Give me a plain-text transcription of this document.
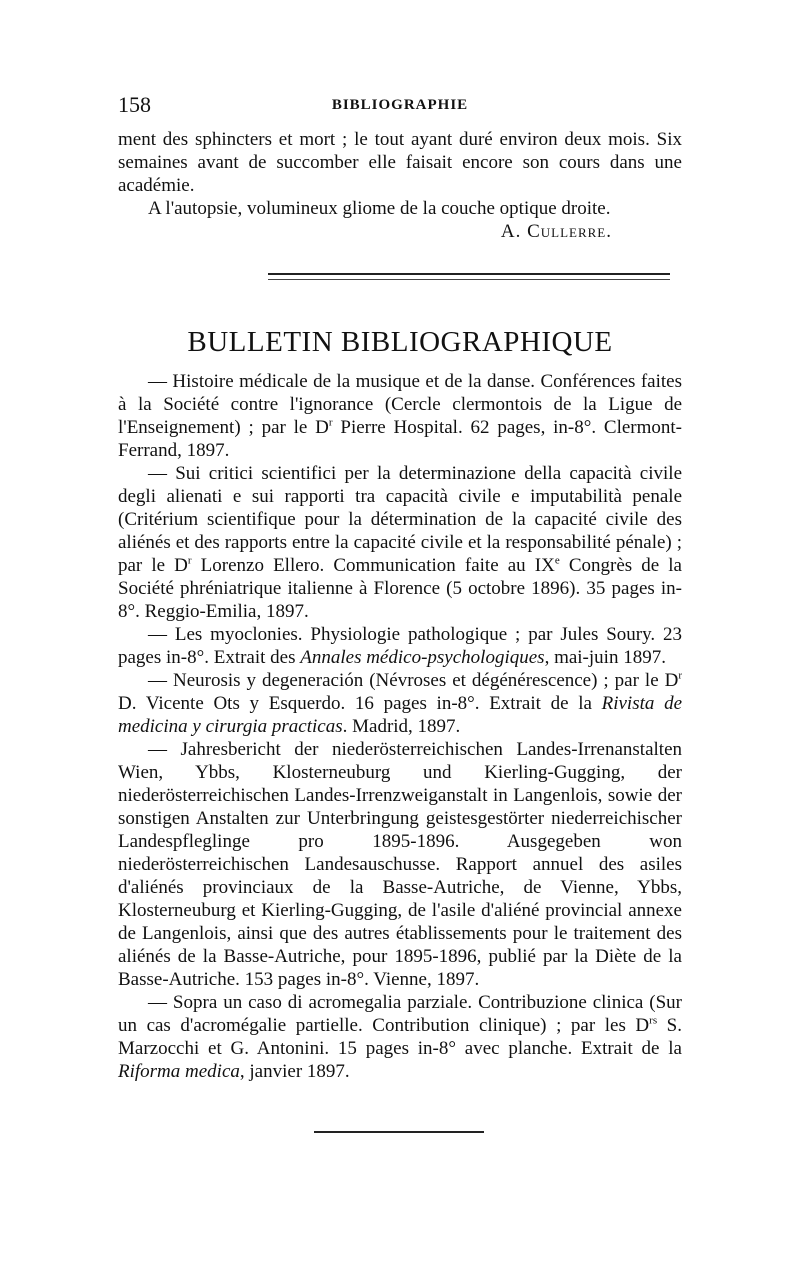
158	BIBLIOGRAPHIE

ment des sphincters et mort ; le tout ayant duré environ deux mois. Six semaines avant de succomber elle faisait encore son cours dans une académie.

A l'autopsie, volumineux gliome de la couche optique droite.

A. Cullerre.

BULLETIN BIBLIOGRAPHIQUE

— Histoire médicale de la musique et de la danse. Conférences faites à la Société contre l'ignorance (Cercle clermontois de la Ligue de l'Enseignement) ; par le $D^r$ Pierre Hospital. 62 pages, in-8°. Clermont-Ferrand, 1897.

— Sui critici scientifici per la determinazione della capacità civile degli alienati e sui rapporti tra capacità civile e imputabilità penale (Critérium scientifique pour la détermination de la capacité civile des aliénés et des rapports entre la capacité civile et la responsabilité pénale) ; par le $D^r$ Lorenzo Ellero. Communication faite au IXe Congrès de la Société phréniatrique italienne à Florence (5 octobre 1896). 35 pages in-8°. Reggio-Emilia, 1897.

— Les myoclonies. Physiologie pathologique ; par Jules Soury. 23 pages in-8°. Extrait des Annales médico-psychologiques, mai-juin 1897.

— Neurosis y degeneración (Névroses et dégénérescence) ; par le $D^r$ D. Vicente Ots y Esquerdo. 16 pages in-8°. Extrait de la Rivista de medicina y cirurgia practicas. Madrid, 1897.

— Jahresbericht der niederösterreichischen Landes-Irrenanstalten Wien, Ybbs, Klosterneuburg und Kierling-Gugging, der niederösterreichischen Landes-Irrenzweiganstalt in Langenlois, sowie der sonstigen Anstalten zur Unterbringung geistesgestörter niederreichischer Landespfleglinge pro 1895-1896. Ausgegeben won niederösterreichischen Landesauschusse. Rapport annuel des asiles d'aliénés provinciaux de la Basse-Autriche, de Vienne, Ybbs, Klosterneuburg et Kierling-Gugging, de l'asile d'aliéné provincial annexe de Langenlois, ainsi que des autres établissements pour le traitement des aliénés de la Basse-Autriche, pour 1895-1896, publié par la Diète de la Basse-Autriche. 153 pages in-8°. Vienne, 1897.

— Sopra un caso di acromegalia parziale. Contribuzione clinica (Sur un cas d'acromégalie partielle. Contribution clinique) ; par les $D^{rs}$ S. Marzocchi et G. Antonini. 15 pages in-8° avec planche. Extrait de la Riforma medica, janvier 1897.
